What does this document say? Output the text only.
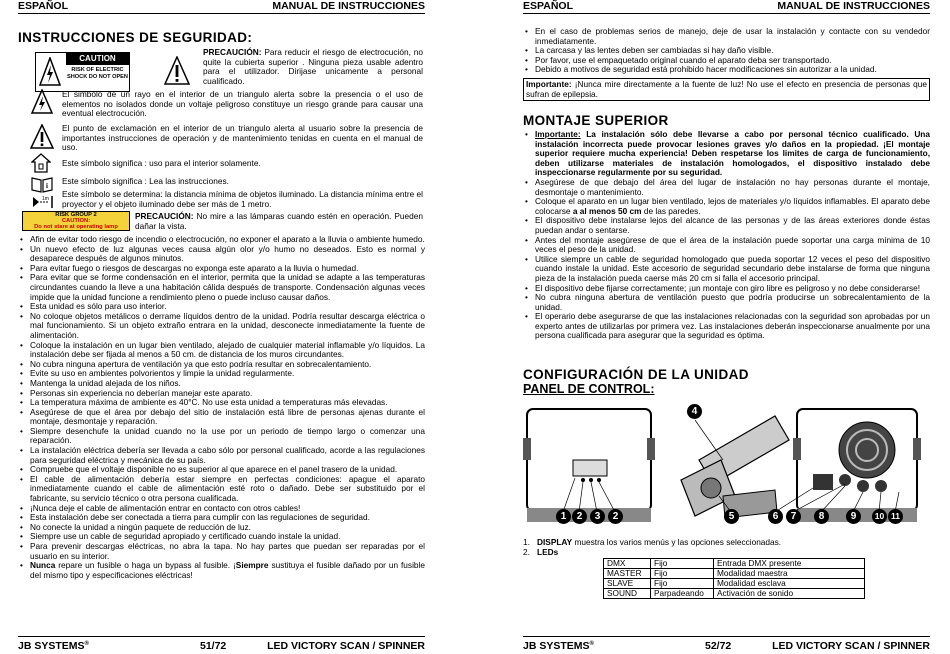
ESPAÑOL	MANUAL DE INSTRUCCIONES
INSTRUCCIONES DE SEGURIDAD:
CAUTION
RISK OF ELECTRIC SHOCK DO NOT OPEN
PRECAUCIÓN: Para reducir el riesgo de electrocución, no quite la cubierta superior . Ninguna pieza usable adentro para el utilizador. Dirijase unicamente a personal cualificado.
El simbolo de un rayo en el interior de un triangulo alerta sobre la presencia o el uso de elementos no isolados donde un voltaje peligroso constituye un riesgo grande para causar una eventual electrocución.
El punto de exclamación en el interior de un triangulo alerta al usuario sobre la presencia de importantes instrucciones de operación y de mantenimiento tenidas en cuenta en el manual de uso.
Este símbolo significa : uso para el interior solamente.
i Este símbolo significa : Lea las instrucciones.
1m Este símbolo se determina: la distancia mínima de objetos iluminado. La distancia mínima entre el proyector y el objeto iluminado debe ser más de 1 metro.
RISK GROUP 2
CAUTION:
Do not stare at operating lamp
PRECAUCIÓN: No mire a las lámparas cuando estén en operación. Pueden dañar la vista.
• Afin de evitar todo riesgo de incendio o electrocución, no exponer el aparato a la lluvia o ambiente humedo.
• Un nuevo efecto de luz algunas veces causa algún olor y/o humo no deseados. Esto es normal y desaparece después de algunos minutos.
• Para evitar fuego o riesgos de descargas no exponga este aparato a la lluvia o humedad.
• Para evitar que se forme condensación en el interior, permita que la unidad se adapte a las temperaturas circundantes cuando la lleve a una habitación cálida después de transporte. Condensación algunas veces impide que la unidad funcione a rendimiento pleno o puede incluso causar daños.
• Esta unidad es sólo para uso interior.
• No coloque objetos metálicos o derrame líquidos dentro de la unidad. Podría resultar descarga eléctrica o mal funcionamiento. Si un objeto extraño entrara en la unidad, desconecte inmediatamente la fuente de alimentación.
• Coloque la instalación en un lugar bien ventilado, alejado de cualquier material inflamable y/o líquidos. La instalación debe ser fijada al menos a 50 cm. de distancia de los muros circundantes.
• No cubra ninguna apertura de ventilación ya que esto podría resultar en sobrecalentamiento.
• Evite su uso en ambientes polvorientos y limpie la unidad regularmente.
• Mantenga la unidad alejada de los niños.
• Personas sin experiencia no deberían manejar este aparato.
• La temperatura máxima de ambiente es 40°C. No use esta unidad a temperaturas más elevadas.
• Asegúrese de que el área por debajo del sitio de instalación está libre de personas ajenas durante el montaje, desmontaje y reparación.
• Siempre desenchufe la unidad cuando no la use por un periodo de tiempo largo o comenzar una reparación.
• La instalación eléctrica debería ser llevada a cabo sólo por personal cualificado, acorde a las regulaciones para seguridad eléctrica y mecánica de su país.
• Compruebe que el voltaje disponible no es superior al que aparece en el panel trasero de la unidad.
• El cable de alimentación debería estar siempre en perfectas condiciones: apague el aparato inmediatamente cuando el cable de alimentación esté roto o dañado. Debe ser substituido por el fabricante, su servicio técnico o otra persona cualificada.
• ¡Nunca deje el cable de alimentación entrar en contacto con otros cables!
• Esta instalación debe ser conectada a tierra para cumplir con las regulaciones de seguridad.
• No conecte la unidad a ningún paquete de reducción de luz.
• Siempre use un cable de seguridad apropiado y certificado cuando instale la unidad.
• Para prevenir descargas eléctricas, no abra la tapa. No hay partes que puedan ser reparadas por el usuario en su interior.
• Nunca repare un fusible o haga un bypass al fusible. ¡Siempre sustituya el fusible dañado por un fusible del mismo tipo y especificaciones eléctricas!
JB SYSTEMS®	51/72	LED VICTORY SCAN / SPINNER
ESPAÑOL	MANUAL DE INSTRUCCIONES
• En el caso de problemas serios de manejo, deje de usar la instalación y contacte con su vendedor inmediatamente.
• La carcasa y las lentes deben ser cambiadas si hay daño visible.
• Por favor, use el empaquetado original cuando el aparato deba ser transportado.
• Debido a motivos de seguridad está prohibido hacer modificaciones sin autorizar a la unidad.
Importante: ¡Nunca mire directamente a la fuente de luz! No use el efecto en presencia de personas que sufran de epilepsia.
MONTAJE SUPERIOR
• Importante: La instalación sólo debe llevarse a cabo por personal técnico cualificado. Una instalación incorrecta puede provocar lesiones graves y/o daños en la propiedad. ¡El montaje superior requiere mucha experiencia! Deben respetarse los limites de carga de funcionamiento, deben utilizarse materiales de instalación homologados, el dispositivo instalado debe inspeccionarse regularmente por su seguridad.
• Asegúrese de que debajo del área del lugar de instalación no hay personas durante el montaje, desmontaje o mantenimiento.
• Coloque el aparato en un lugar bien ventilado, lejos de materiales y/o líquidos inflamables. El aparato debe colocarse a al menos 50 cm de las paredes.
• El dispositivo debe instalarse lejos del alcance de las personas y de las áreas exteriores donde éstas puedan andar o sentarse.
• Antes del montaje asegúrese de que el área de la instalación puede soportar una carga mínima de 10 veces el peso de la unidad.
• Utilice siempre un cable de seguridad homologado que pueda soportar 12 veces el peso del dispositivo cuando instale la unidad. Este accesorio de seguridad secundario debe instalarse de forma que ninguna pieza de la instalación pueda caerse más 20 cm si falla el accesorio principal.
• El dispositivo debe fijarse correctamente; ¡un montaje con giro libre es peligroso y no debe considerarse!
• No cubra ninguna abertura de ventilación puesto que podría producirse un sobrecalentamiento de la unidad.
• El operario debe asegurarse de que las instalaciones relacionadas con la seguridad son aprobadas por un experto antes de utilizarlas por primera vez. Las instalaciones deberán inspeccionarse anualmente por una persona cualificada para asegurar que la seguridad es óptima.
CONFIGURACIÓN DE LA UNIDAD
PANEL DE CONTROL:
1	2	3	2
4
5	6	7	8	9	10 11
1. DISPLAY muestra los varios menús y las opciones seleccionadas.
2. LEDs
DMX	Fijo	Entrada DMX presente
MASTER	Fijo	Modalidad maestra
SLAVE	Fijo	Modalidad esclava
SOUND	Parpadeando	Activación de sonido
JB SYSTEMS®	52/72	LED VICTORY SCAN / SPINNER
